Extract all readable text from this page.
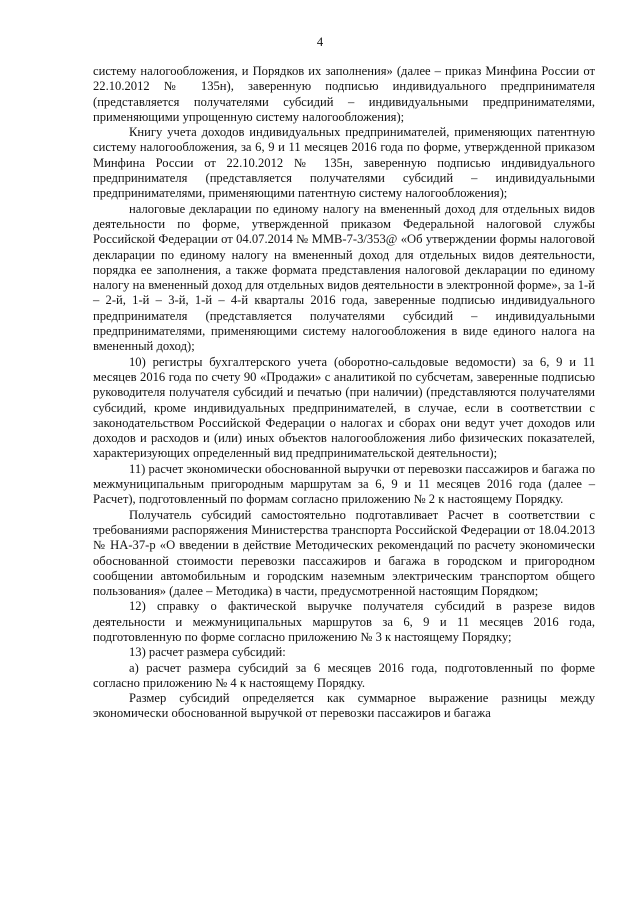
4

систему налогообложения, и Порядков их заполнения» (далее – приказ Минфина России от 22.10.2012 № 135н), заверенную подписью индивидуального предпринимателя (представляется получателями субсидий – индивидуальными предпринимателями, применяющими упрощенную систему налогообложения);

Книгу учета доходов индивидуальных предпринимателей, применяющих патентную систему налогообложения, за 6, 9 и 11 месяцев 2016 года по форме, утвержденной приказом Минфина России от 22.10.2012 № 135н, заверенную подписью индивидуального предпринимателя (представляется получателями субсидий – индивидуальными предпринимателями, применяющими патентную систему налогообложения);

налоговые декларации по единому налогу на вмененный доход для отдельных видов деятельности по форме, утвержденной приказом Федеральной налоговой службы Российской Федерации от 04.07.2014 № ММВ-7-3/353@ «Об утверждении формы налоговой декларации по единому налогу на вмененный доход для отдельных видов деятельности, порядка ее заполнения, а также формата представления налоговой декларации по единому налогу на вмененный доход для отдельных видов деятельности в электронной форме», за 1-й – 2-й, 1-й – 3-й, 1-й – 4-й кварталы 2016 года, заверенные подписью индивидуального предпринимателя (представляется получателями субсидий – индивидуальными предпринимателями, применяющими систему налогообложения в виде единого налога на вмененный доход);

10) регистры бухгалтерского учета (оборотно-сальдовые ведомости) за 6, 9 и 11 месяцев 2016 года по счету 90 «Продажи» с аналитикой по субсчетам, заверенные подписью руководителя получателя субсидий и печатью (при наличии) (представляются получателями субсидий, кроме индивидуальных предпринимателей, в случае, если в соответствии с законодательством Российской Федерации о налогах и сборах они ведут учет доходов или доходов и расходов и (или) иных объектов налогообложения либо физических показателей, характеризующих определенный вид предпринимательской деятельности);

11) расчет экономически обоснованной выручки от перевозки пассажиров и багажа по межмуниципальным пригородным маршрутам за 6, 9 и 11 месяцев 2016 года (далее – Расчет), подготовленный по формам согласно приложению № 2 к настоящему Порядку.

Получатель субсидий самостоятельно подготавливает Расчет в соответствии с требованиями распоряжения Министерства транспорта Российской Федерации от 18.04.2013 № НА-37-р «О введении в действие Методических рекомендаций по расчету экономически обоснованной стоимости перевозки пассажиров и багажа в городском и пригородном сообщении автомобильным и городским наземным электрическим транспортом общего пользования» (далее – Методика) в части, предусмотренной настоящим Порядком;

12) справку о фактической выручке получателя субсидий в разрезе видов деятельности и межмуниципальных маршрутов за 6, 9 и 11 месяцев 2016 года, подготовленную по форме согласно приложению № 3 к настоящему Порядку;

13) расчет размера субсидий:

а) расчет размера субсидий за 6 месяцев 2016 года, подготовленный по форме согласно приложению № 4 к настоящему Порядку.

Размер субсидий определяется как суммарное выражение разницы между экономически обоснованной выручкой от перевозки пассажиров и багажа
